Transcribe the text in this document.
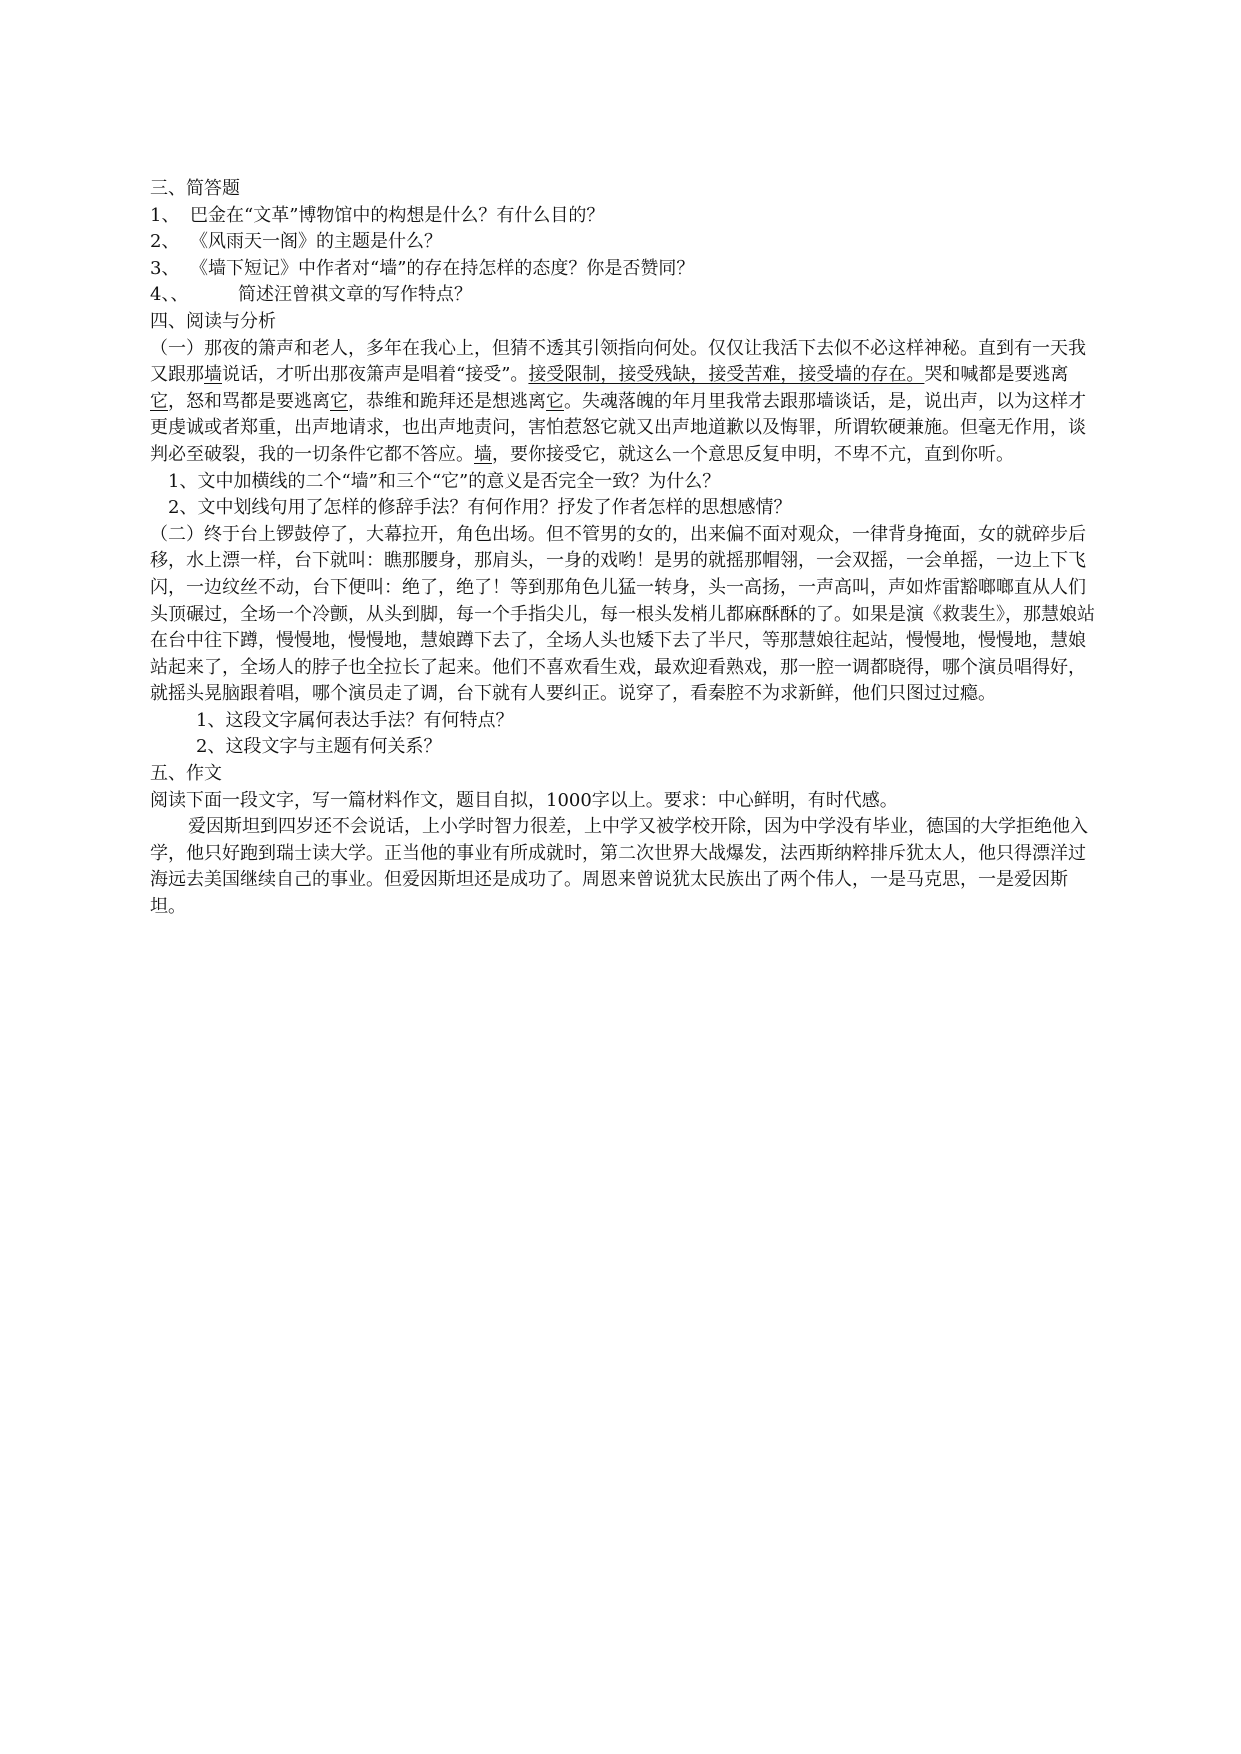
三、简答题

1、 巴金在“文革”博物馆中的构想是什么？有什么目的？

2、 《风雨天一阁》的主题是什么？

3、 《墙下短记》中作者对“墙”的存在持怎样的态度？你是否赞同？

4、、	简述汪曾祺文章的写作特点？

四、阅读与分析

（一）那夜的箫声和老人，多年在我心上，但猜不透其引领指向何处。仅仅让我活下去似不必这样神秘。直到有一天我又跟那墙说话，才听出那夜箫声是唱着“接受”。接受限制，接受残缺，接受苦难，接受墙的存在。哭和喊都是要逃离它，怒和骂都是要逃离它，恭维和跪拜还是想逃离它。失魂落魄的年月里我常去跟那墙谈话，是，说出声，以为这样才更虔诚或者郑重，出声地请求，也出声地责问，害怕惹怒它就又出声地道歉以及悔罪，所谓软硬兼施。但毫无作用，谈判必至破裂，我的一切条件它都不答应。墙，要你接受它，就这么一个意思反复申明，不卑不亢，直到你听。

1、文中加横线的二个“墙”和三个“它”的意义是否完全一致？为什么？

2、文中划线句用了怎样的修辞手法？有何作用？抒发了作者怎样的思想感情？

（二）终于台上锣鼓停了，大幕拉开，角色出场。但不管男的女的，出来偏不面对观众，一律背身掩面，女的就碎步后移，水上漂一样，台下就叫：瞧那腰身，那肩头，一身的戏哟！是男的就摇那帽翎，一会双摇，一会单摇，一边上下飞闪，一边纹丝不动，台下便叫：绝了，绝了！等到那角色儿猛一转身，头一高扬，一声高叫，声如炸雷豁啷啷直从人们头顶碾过，全场一个冷颤，从头到脚，每一个手指尖儿，每一根头发梢儿都麻酥酥的了。如果是演《救裴生》，那慧娘站在台中往下蹲，慢慢地，慢慢地，慧娘蹲下去了，全场人头也矮下去了半尺，等那慧娘往起站，慢慢地，慢慢地，慧娘站起来了，全场人的脖子也全拉长了起来。他们不喜欢看生戏，最欢迎看熟戏，那一腔一调都晓得，哪个演员唱得好，就摇头晃脑跟着唱，哪个演员走了调，台下就有人要纠正。说穿了，看秦腔不为求新鲜，他们只图过过瘾。

1、这段文字属何表达手法？有何特点？

2、这段文字与主题有何关系？

五、作文

阅读下面一段文字，写一篇材料作文，题目自拟，1000字以上。要求：中心鲜明，有时代感。

爱因斯坦到四岁还不会说话，上小学时智力很差，上中学又被学校开除，因为中学没有毕业，德国的大学拒绝他入学，他只好跑到瑞士读大学。正当他的事业有所成就时，第二次世界大战爆发，法西斯纳粹排斥犹太人，他只得漂洋过海远去美国继续自己的事业。但爱因斯坦还是成功了。周恩来曾说犹太民族出了两个伟人，一是马克思，一是爱因斯坦。
